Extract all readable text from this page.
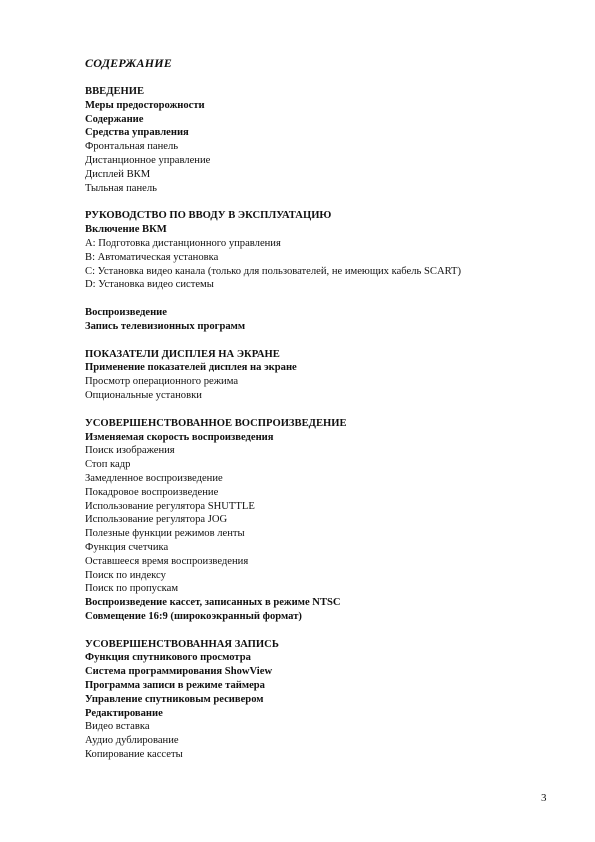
СОДЕРЖАНИЕ
ВВЕДЕНИЕ
Меры предосторожности
Содержание
Средства управления
Фронтальная панель
Дистанционное управление
Дисплей ВКМ
Тыльная панель
РУКОВОДСТВО ПО ВВОДУ В ЭКСПЛУАТАЦИЮ
Включение ВКМ
A: Подготовка дистанционного управления
B: Автоматическая установка
C: Установка видео канала (только для пользователей, не имеющих кабель SCART)
D: Установка видео системы
Воспроизведение
Запись телевизионных программ
ПОКАЗАТЕЛИ ДИСПЛЕЯ НА ЭКРАНЕ
Применение показателей дисплея на экране
Просмотр операционного режима
Опциональные установки
УСОВЕРШЕНСТВОВАННОЕ ВОСПРОИЗВЕДЕНИЕ
Изменяемая скорость воспроизведения
Поиск изображения
Стоп кадр
Замедленное воспроизведение
Покадровое воспроизведение
Использование регулятора SHUTTLE
Использование регулятора JOG
Полезные функции режимов ленты
Функция счетчика
Оставшееся время воспроизведения
Поиск по индексу
Поиск по пропускам
Воспроизведение кассет, записанных в режиме NTSC
Совмещение 16:9 (широкоэкранный формат)
УСОВЕРШЕНСТВОВАННАЯ ЗАПИСЬ
Функция спутникового просмотра
Система программирования ShowView
Программа записи в режиме таймера
Управление спутниковым ресивером
Редактирование
Видео вставка
Аудио дублирование
Копирование кассеты
3
